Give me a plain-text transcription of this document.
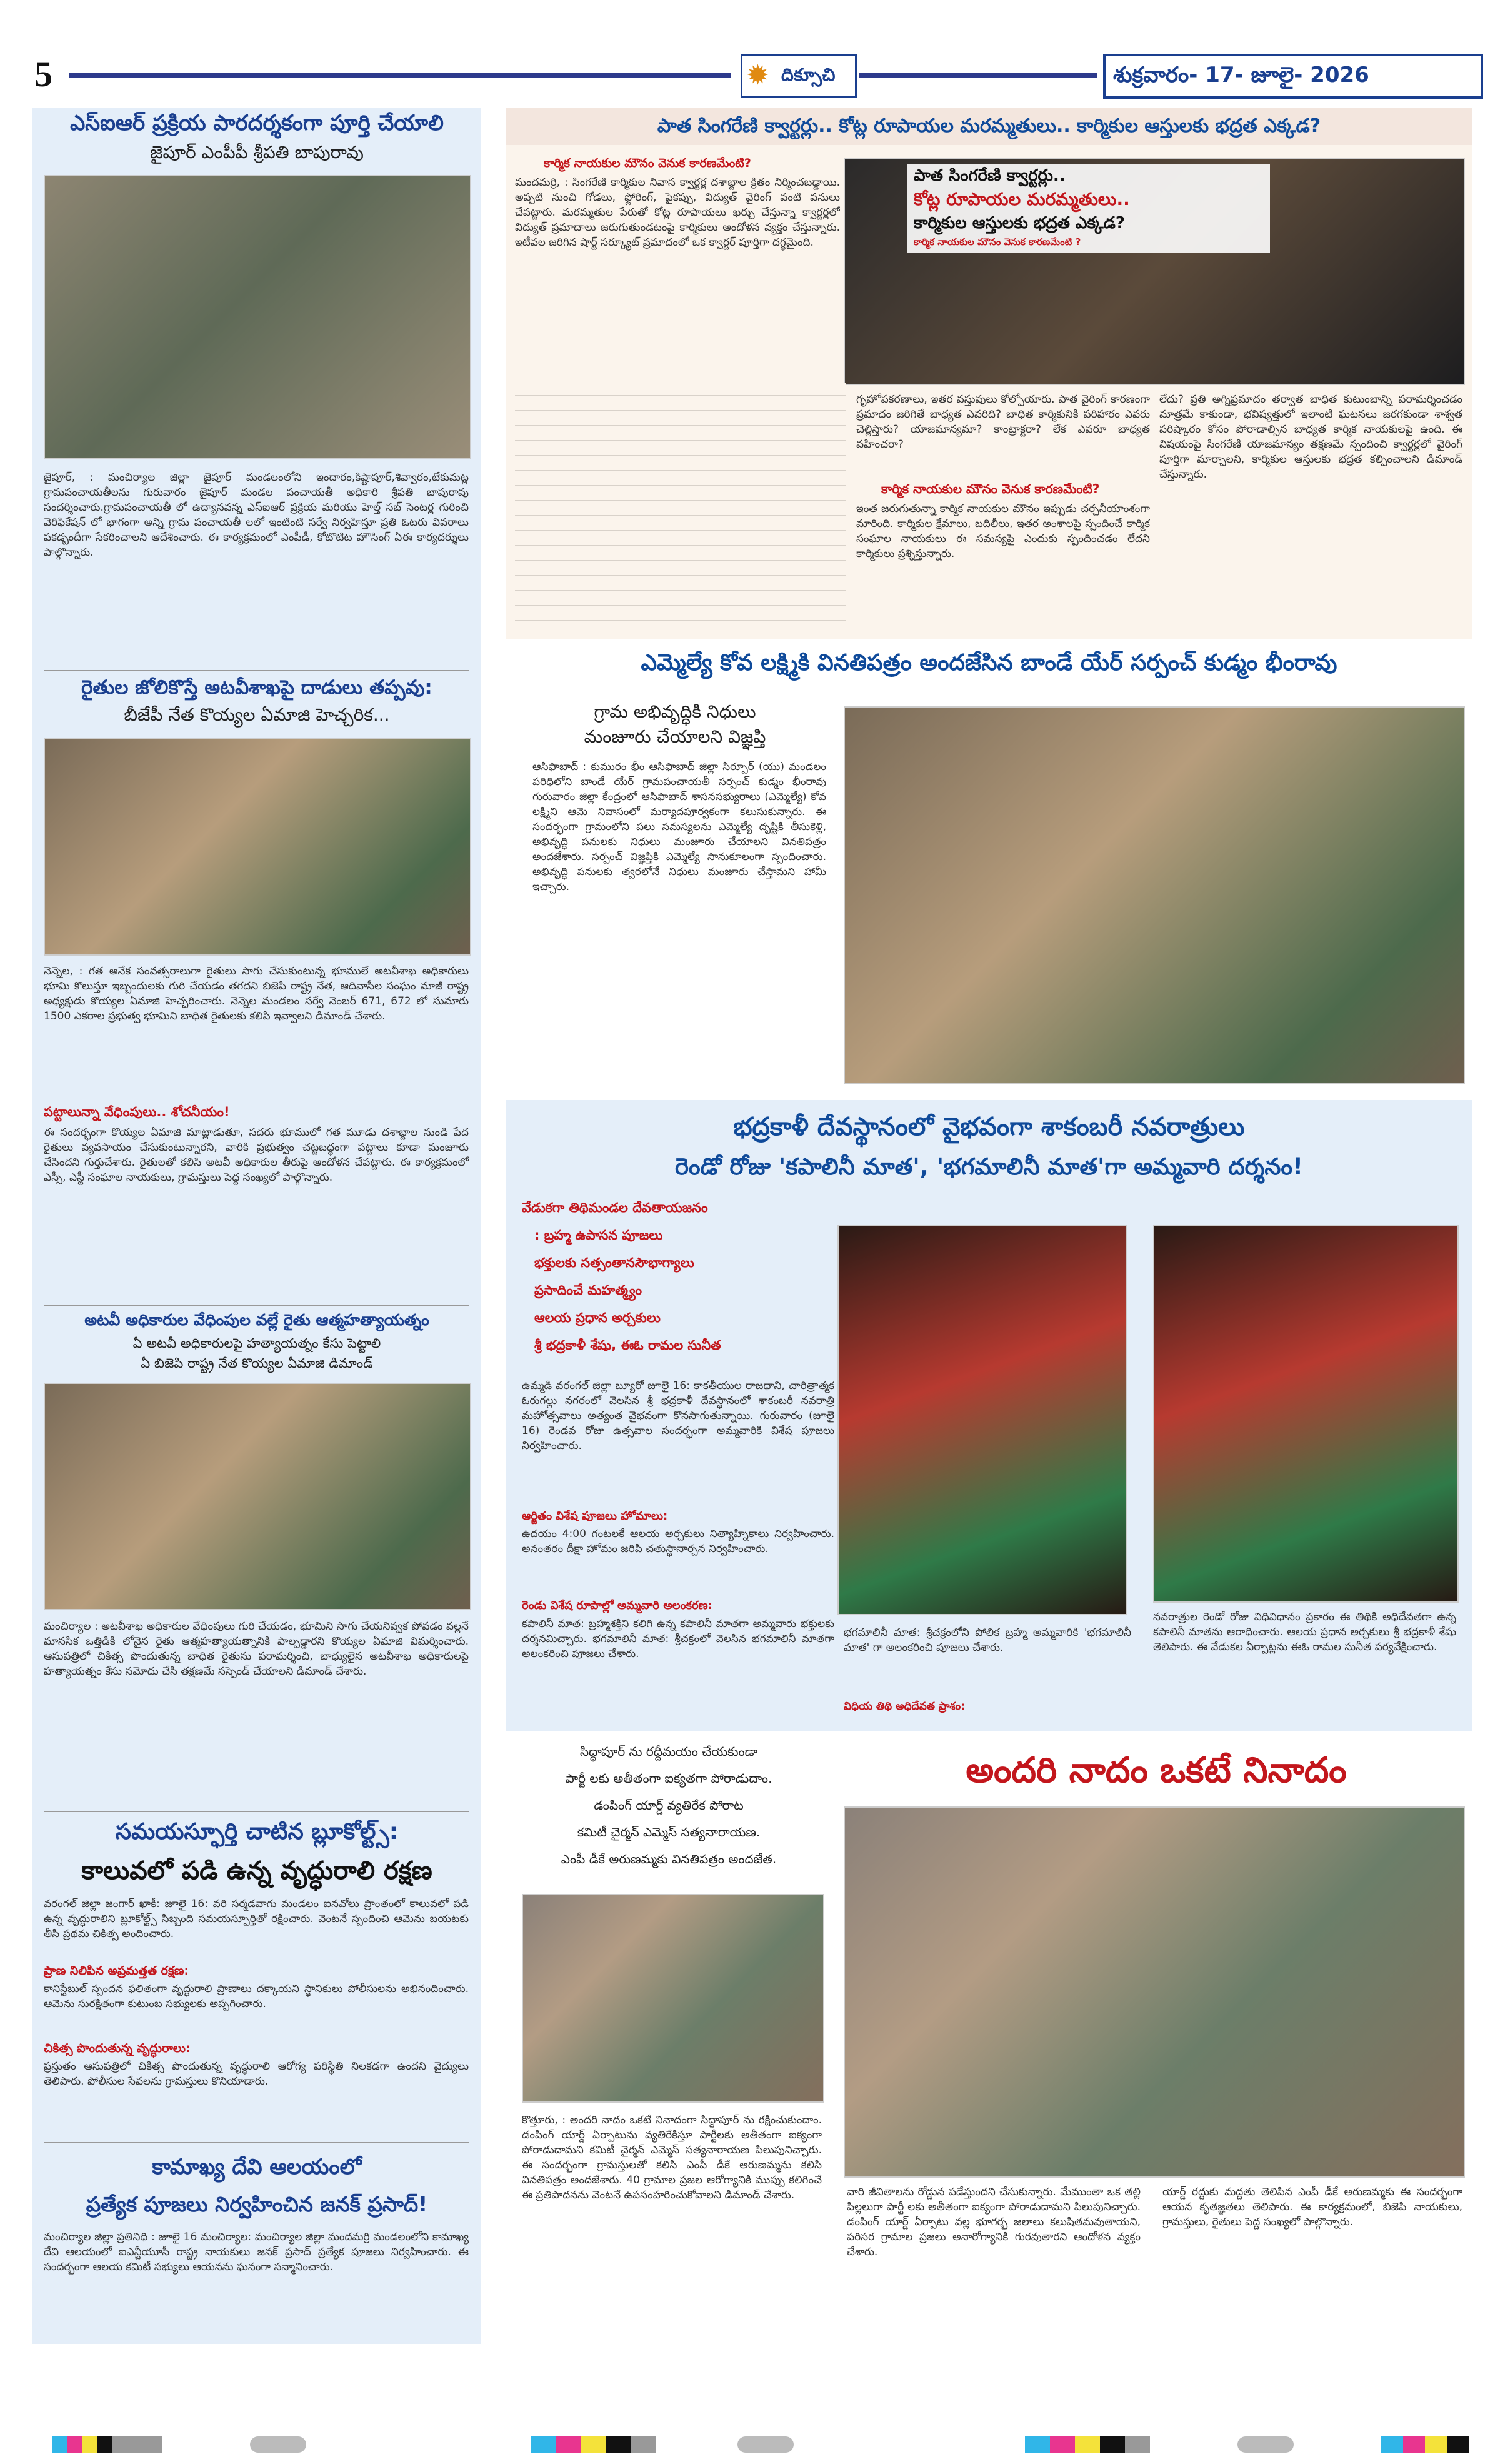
5	✹ దిక్సూచి	శుక్రవారం- 17- జూలై- 2026
ఎస్ఐఆర్ ప్రక్రియ పారదర్శకంగా పూర్తి చేయాలి
జైపూర్ ఎంపీపీ శ్రీపతి బాపురావు
జైపూర్, : మంచిర్యాల జిల్లా జైపూర్ మండలంలోని ఇందారం,కిష్టాపూర్,శివ్వారం,టేకుమట్ల గ్రామపంచాయతీలను గురువారం జైపూర్ మండల పంచాయతీ అధికారి శ్రీపతి బాపురావు సందర్శించారు.గ్రామపంచాయతీ లో ఉద్యానవన్న ఎస్ఐఆర్ ప్రక్రియ మరియు హెల్త్ సబ్ సెంటర్ల గురించి వెరిఫికేషన్ లో భాగంగా అన్ని గ్రామ పంచాయతీ లలో ఇంటింటి సర్వే నిర్వహిస్తూ ప్రతి ఓటరు వివరాలు పకడ్బందీగా సేకరించాలని ఆదేశించారు. ఈ కార్యక్రమంలో ఎంపీడీ, కోటొటిట హౌసింగ్ ఏఈ కార్యదర్శులు పాల్గొన్నారు.
రైతుల జోలికొస్తే అటవీశాఖపై దాడులు తప్పవు:
బీజేపీ నేత కొయ్యల ఏమాజి హెచ్చరిక...
నెన్నెల, : గత అనేక సంవత్సరాలుగా రైతులు సాగు చేసుకుంటున్న భూములే అటవీశాఖ అధికారులు భూమి కొలుస్తూ ఇబ్బందులకు గురి చేయడం తగదని బిజెపి రాష్ట్ర నేత, ఆదివాసీల సంఘం మాజీ రాష్ట్ర అధ్యక్షుడు కొయ్యల ఏమాజి హెచ్చరించారు. నెన్నెల మండలం సర్వే నెంబర్ 671, 672 లో సుమారు 1500 ఎకరాల ప్రభుత్వ భూమిని బాధిత రైతులకు కలిపి ఇవ్వాలని డిమాండ్ చేశారు.
పట్టాలున్నా వేధింపులు.. శోచనీయం!
ఈ సందర్భంగా కొయ్యల ఏమాజి మాట్లాడుతూ, సదరు భూములో గత మూడు దశాబ్దాల నుండి పేద రైతులు వ్యవసాయం చేసుకుంటున్నారని, వారికి ప్రభుత్వం చట్టబద్ధంగా పట్టాలు కూడా మంజూరు చేసిందని గుర్తుచేశారు. రైతులతో కలిసి అటవీ అధికారుల తీరుపై ఆందోళన చేపట్టారు. ఈ కార్యక్రమంలో ఎస్సీ, ఎస్టీ సంఘాల నాయకులు, గ్రామస్తులు పెద్ద సంఖ్యలో పాల్గొన్నారు.
అటవీ అధికారుల వేధింపుల వల్లే రైతు ఆత్మహత్యాయత్నం
ఏ అటవీ అధికారులపై హత్యాయత్నం కేసు పెట్టాలి
ఏ బిజెపి రాష్ట్ర నేత కొయ్యల ఏమాజి డిమాండ్
మంచిర్యాల : అటవీశాఖ అధికారుల వేధింపులు గురి చేయడం, భూమిని సాగు చేయనివ్వక పోవడం వల్లనే మానసిక ఒత్తిడికి లోనైన రైతు ఆత్మహత్యాయత్నానికి పాల్పడ్డారని కొయ్యల ఏమాజి విమర్శించారు. ఆసుపత్రిలో చికిత్స పొందుతున్న బాధిత రైతును పరామర్శించి, బాధ్యులైన అటవీశాఖ అధికారులపై హత్యాయత్నం కేసు నమోదు చేసి తక్షణమే సస్పెండ్ చేయాలని డిమాండ్ చేశారు.
సమయస్ఫూర్తి చాటిన బ్లూకోల్ట్స్:
కాలువలో పడి ఉన్న వృద్ధురాలి రక్షణ
వరంగల్ జిల్లా జంగార్ ఖాకీ: జూలై 16: వరి సర్మడవాగు మండలం ఐనవోలు ప్రాంతంలో కాలువలో పడి ఉన్న వృద్ధురాలిని బ్లూకోల్ట్స్ సిబ్బంది సమయస్ఫూర్తితో రక్షించారు. వెంటనే స్పందించి ఆమెను బయటకు తీసి ప్రథమ చికిత్స అందించారు.
ప్రాణ నిలిపిన అప్రమత్తత రక్షణ:
కానిస్టేబుల్ స్పందన ఫలితంగా వృద్ధురాలి ప్రాణాలు దక్కాయని స్థానికులు పోలీసులను అభినందించారు. ఆమెను సురక్షితంగా కుటుంబ సభ్యులకు అప్పగించారు.
చికిత్స పొందుతున్న వృద్ధురాలు:
ప్రస్తుతం ఆసుపత్రిలో చికిత్స పొందుతున్న వృద్ధురాలి ఆరోగ్య పరిస్థితి నిలకడగా ఉందని వైద్యులు తెలిపారు. పోలీసుల సేవలను గ్రామస్తులు కొనియాడారు.
కామాఖ్య దేవి ఆలయంలో
ప్రత్యేక పూజలు నిర్వహించిన జనక్ ప్రసాద్!
మంచిర్యాల జిల్లా ప్రతినిధి : జూలై 16 మంచిర్యాల: మంచిర్యాల జిల్లా మందమర్రి మండలంలోని కామాఖ్య దేవి ఆలయంలో ఐఎన్టీయూసీ రాష్ట్ర నాయకులు జనక్ ప్రసాద్ ప్రత్యేక పూజలు నిర్వహించారు. ఈ సందర్భంగా ఆలయ కమిటీ సభ్యులు ఆయనను ఘనంగా సన్మానించారు.
పాత సింగరేణి క్వార్టర్లు.. కోట్ల రూపాయల మరమ్మతులు.. కార్మికుల ఆస్తులకు భద్రత ఎక్కడ?
కార్మిక నాయకుల మౌనం వెనుక కారణమేంటి?
మందమర్రి, : సింగరేణి కార్మికుల నివాస క్వార్టర్ల దశాబ్దాల క్రితం నిర్మించబడ్డాయి. అప్పటి నుంచి గోడలు, ఫ్లోరింగ్, పైకప్పు, విద్యుత్ వైరింగ్ వంటి పనులు చేపట్టారు. మరమ్మతుల పేరుతో కోట్ల రూపాయలు ఖర్చు చేస్తున్నా క్వార్టర్లలో విద్యుత్ ప్రమాదాలు జరుగుతుండటంపై కార్మికులు ఆందోళన వ్యక్తం చేస్తున్నారు. ఇటీవల జరిగిన షార్ట్ సర్క్యూట్ ప్రమాదంలో ఒక క్వార్టర్ పూర్తిగా దగ్ధమైంది.
పాత సింగరేణి క్వార్టర్లు..
కోట్ల రూపాయల మరమ్మతులు..
కార్మికుల ఆస్తులకు భద్రత ఎక్కడ?
కార్మిక నాయకుల మౌనం వెనుక కారణమేంటి ?
గృహోపకరణాలు, ఇతర వస్తువులు కోల్పోయారు. పాత వైరింగ్ కారణంగా ప్రమాదం జరిగితే బాధ్యత ఎవరిది? బాధిత కార్మికునికి పరిహారం ఎవరు చెల్లిస్తారు? యాజమాన్యమా? కాంట్రాక్టరా? లేక ఎవరూ బాధ్యత వహించరా?
కార్మిక నాయకుల మౌనం వెనుక కారణమేంటి?
ఇంత జరుగుతున్నా కార్మిక నాయకుల మౌనం ఇప్పుడు చర్చనీయాంశంగా మారింది. కార్మికుల క్షేమాలు, బదిలీలు, ఇతర అంశాలపై స్పందించే కార్మిక సంఘాల నాయకులు ఈ సమస్యపై ఎందుకు స్పందించడం లేదని కార్మికులు ప్రశ్నిస్తున్నారు.
లేదు? ప్రతి అగ్నిప్రమాదం తర్వాత బాధిత కుటుంబాన్ని పరామర్శించడం మాత్రమే కాకుండా, భవిష్యత్తులో ఇలాంటి ఘటనలు జరగకుండా శాశ్వత పరిష్కారం కోసం పోరాడాల్సిన బాధ్యత కార్మిక నాయకులపై ఉంది. ఈ విషయంపై సింగరేణి యాజమాన్యం తక్షణమే స్పందించి క్వార్టర్లలో వైరింగ్ పూర్తిగా మార్చాలని, కార్మికుల ఆస్తులకు భద్రత కల్పించాలని డిమాండ్ చేస్తున్నారు.
ఎమ్మెల్యే కోవ లక్ష్మికి వినతిపత్రం అందజేసిన బాండే యేర్ సర్పంచ్ కుడ్మం భీంరావు
గ్రామ అభివృద్ధికి నిధులు
మంజూరు చేయాలని విజ్ఞప్తి
ఆసిఫాబాద్ : కుమురం భీం ఆసిఫాబాద్ జిల్లా సిర్పూర్ (యు) మండలం పరిధిలోని బాండే యేర్ గ్రామపంచాయతీ సర్పంచ్ కుడ్మం భీంరావు గురువారం జిల్లా కేంద్రంలో ఆసిఫాబాద్ శాసనసభ్యురాలు (ఎమ్మెల్యే) కోవ లక్ష్మిని ఆమె నివాసంలో మర్యాదపూర్వకంగా కలుసుకున్నారు. ఈ సందర్భంగా గ్రామంలోని పలు సమస్యలను ఎమ్మెల్యే దృష్టికి తీసుకెళ్లి, అభివృద్ధి పనులకు నిధులు మంజూరు చేయాలని వినతిపత్రం అందజేశారు. సర్పంచ్ విజ్ఞప్తికి ఎమ్మెల్యే సానుకూలంగా స్పందించారు. అభివృద్ధి పనులకు త్వరలోనే నిధులు మంజూరు చేస్తామని హామీ ఇచ్చారు.
భద్రకాళీ దేవస్థానంలో వైభవంగా శాకంబరీ నవరాత్రులు
రెండో రోజు 'కపాలినీ మాత', 'భగమాలినీ మాత'గా అమ్మవారి దర్శనం!
వేడుకగా తిథిమండల దేవతాయజనం
: బ్రహ్మ ఉపాసన పూజలు
భక్తులకు సత్సంతానసౌభాగ్యాలు
ప్రసాదించే మహత్మ్యం
ఆలయ ప్రధాన అర్చకులు
శ్రీ భద్రకాళీ శేషు, ఈఓ రామల సునీత
ఉమ్మడి వరంగల్ జిల్లా బ్యూరో జూలై 16: కాకతీయుల రాజధాని, చారిత్రాత్మక ఓరుగల్లు నగరంలో వెలసిన శ్రీ భద్రకాళీ దేవస్థానంలో శాకంబరీ నవరాత్రి మహోత్సవాలు అత్యంత వైభవంగా కొనసాగుతున్నాయి. గురువారం (జూలై 16) రెండవ రోజు ఉత్సవాల సందర్భంగా అమ్మవారికి విశేష పూజలు నిర్వహించారు.
ఆర్జితం విశేష పూజలు హోమాలు:
ఉదయం 4:00 గంటలకే ఆలయ అర్చకులు నిత్యాహ్నికాలు నిర్వహించారు. అనంతరం దీక్షా హోమం జరిపి చతుస్థానార్చన నిర్వహించారు.
రెండు విశేష రూపాల్లో అమ్మవారి అలంకరణ:
కపాలినీ మాత: బ్రహ్మశక్తిని కలిగి ఉన్న కపాలినీ మాతగా అమ్మవారు భక్తులకు దర్శనమిచ్చారు. భగమాలినీ మాత: శ్రీచక్రంలో వెలసిన భగమాలినీ మాతగా అలంకరించి పూజలు చేశారు.
భగమాలినీ మాత: శ్రీచక్రంలోని పోలిక బ్రహ్మ అమ్మవారికి 'భగమాలినీ మాత' గా అలంకరించి పూజలు చేశారు.
విధియ తిథి అధిదేవత ప్రాశం:
నవరాత్రుల రెండో రోజు విధివిధానం ప్రకారం ఈ తిథికి అధిదేవతగా ఉన్న కపాలినీ మాతను ఆరాధించారు. ఆలయ ప్రధాన అర్చకులు శ్రీ భద్రకాళీ శేషు తెలిపారు. ఈ వేడుకల ఏర్పాట్లను ఈఓ రామల సునీత పర్యవేక్షించారు.
సిద్ధాపూర్ ను రద్దీమయం చేయకుండా
పార్టీ లకు అతీతంగా ఐక్యతగా పోరాడుదాం.
డంపింగ్ యార్డ్ వ్యతిరేక పోరాట
కమిటీ చైర్మన్ ఎమ్మెస్ సత్యనారాయణ.
ఎంపీ డీకే అరుణమ్మకు వినతిపత్రం అందజేత.
కొత్తూరు, : అందరి నాదం ఒకటే నినాదంగా సిద్ధాపూర్ ను రక్షించుకుందాం. డంపింగ్ యార్డ్ ఏర్పాటును వ్యతిరేకిస్తూ పార్టీలకు అతీతంగా ఐక్యంగా పోరాడుదామని కమిటీ చైర్మన్ ఎమ్మెస్ సత్యనారాయణ పిలుపునిచ్చారు. ఈ సందర్భంగా గ్రామస్తులతో కలిసి ఎంపీ డీకే అరుణమ్మను కలిసి వినతిపత్రం అందజేశారు. 40 గ్రామాల ప్రజల ఆరోగ్యానికి ముప్పు కలిగించే ఈ ప్రతిపాదనను వెంటనే ఉపసంహరించుకోవాలని డిమాండ్ చేశారు.
అందరి నాదం ఒకటే నినాదం
వారి జీవితాలను రోడ్డున పడేస్తుందని చేసుకున్నారు. మేముంతా ఒక తల్లి పిల్లలుగా పార్టీ లకు అతీతంగా ఐక్యంగా పోరాడుదామని పిలుపునిచ్చారు. డంపింగ్ యార్డ్ ఏర్పాటు వల్ల భూగర్భ జలాలు కలుషితమవుతాయని, పరిసర గ్రామాల ప్రజలు అనారోగ్యానికి గురవుతారని ఆందోళన వ్యక్తం చేశారు.
యార్డ్ రద్దుకు మద్దతు తెలిపిన ఎంపీ డీకే అరుణమ్మకు ఈ సందర్భంగా ఆయన కృతజ్ఞతలు తెలిపారు. ఈ కార్యక్రమంలో, బిజెపి నాయకులు, గ్రామస్తులు, రైతులు పెద్ద సంఖ్యలో పాల్గొన్నారు.
